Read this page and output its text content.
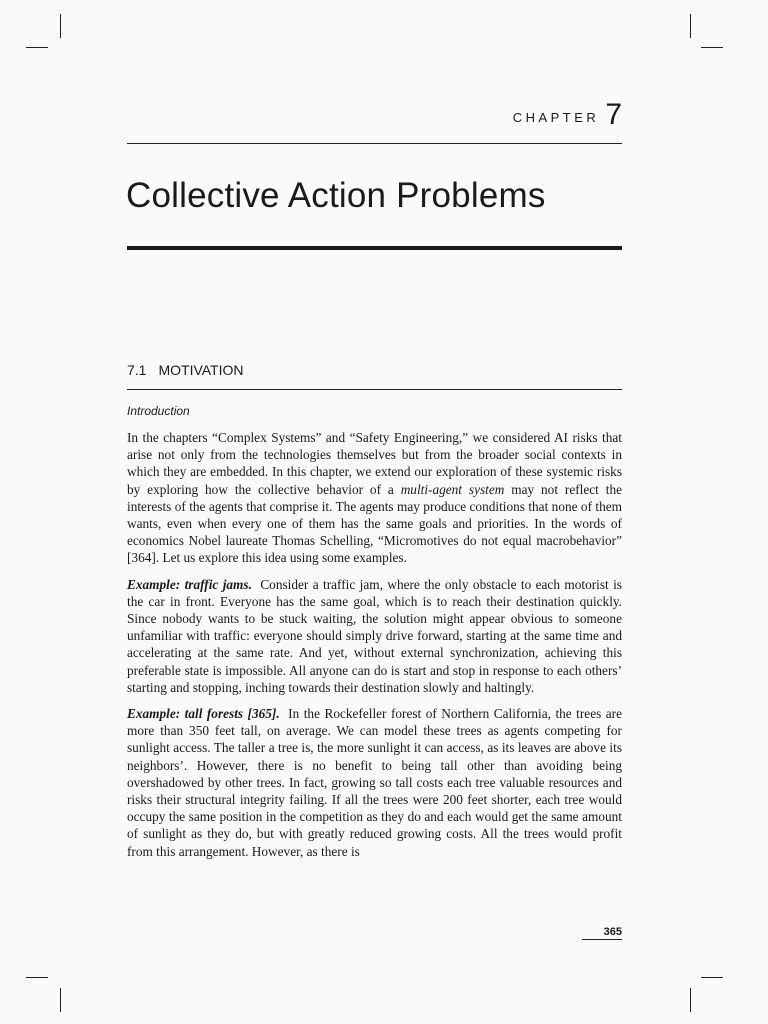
CHAPTER 7
Collective Action Problems
7.1 MOTIVATION
Introduction

In the chapters “Complex Systems” and “Safety Engineering,” we considered AI risks that arise not only from the technologies themselves but from the broader social contexts in which they are embedded. In this chapter, we extend our exploration of these systemic risks by exploring how the collective behavior of a multi-agent system may not reflect the interests of the agents that comprise it. The agents may produce conditions that none of them wants, even when every one of them has the same goals and priorities. In the words of economics Nobel laureate Thomas Schelling, “Micromotives do not equal macrobehavior” [364]. Let us explore this idea using some examples.

Example: traffic jams. Consider a traffic jam, where the only obstacle to each motorist is the car in front. Everyone has the same goal, which is to reach their destination quickly. Since nobody wants to be stuck waiting, the solution might appear obvious to someone unfamiliar with traffic: everyone should simply drive forward, starting at the same time and accelerating at the same rate. And yet, without external synchronization, achieving this preferable state is impossible. All anyone can do is start and stop in response to each others’ starting and stopping, inching towards their destination slowly and haltingly.

Example: tall forests [365]. In the Rockefeller forest of Northern California, the trees are more than 350 feet tall, on average. We can model these trees as agents competing for sunlight access. The taller a tree is, the more sunlight it can access, as its leaves are above its neighbors’. However, there is no benefit to being tall other than avoiding being overshadowed by other trees. In fact, growing so tall costs each tree valuable resources and risks their structural integrity failing. If all the trees were 200 feet shorter, each tree would occupy the same position in the competition as they do and each would get the same amount of sunlight as they do, but with greatly reduced growing costs. All the trees would profit from this arrangement. However, as there is

365
